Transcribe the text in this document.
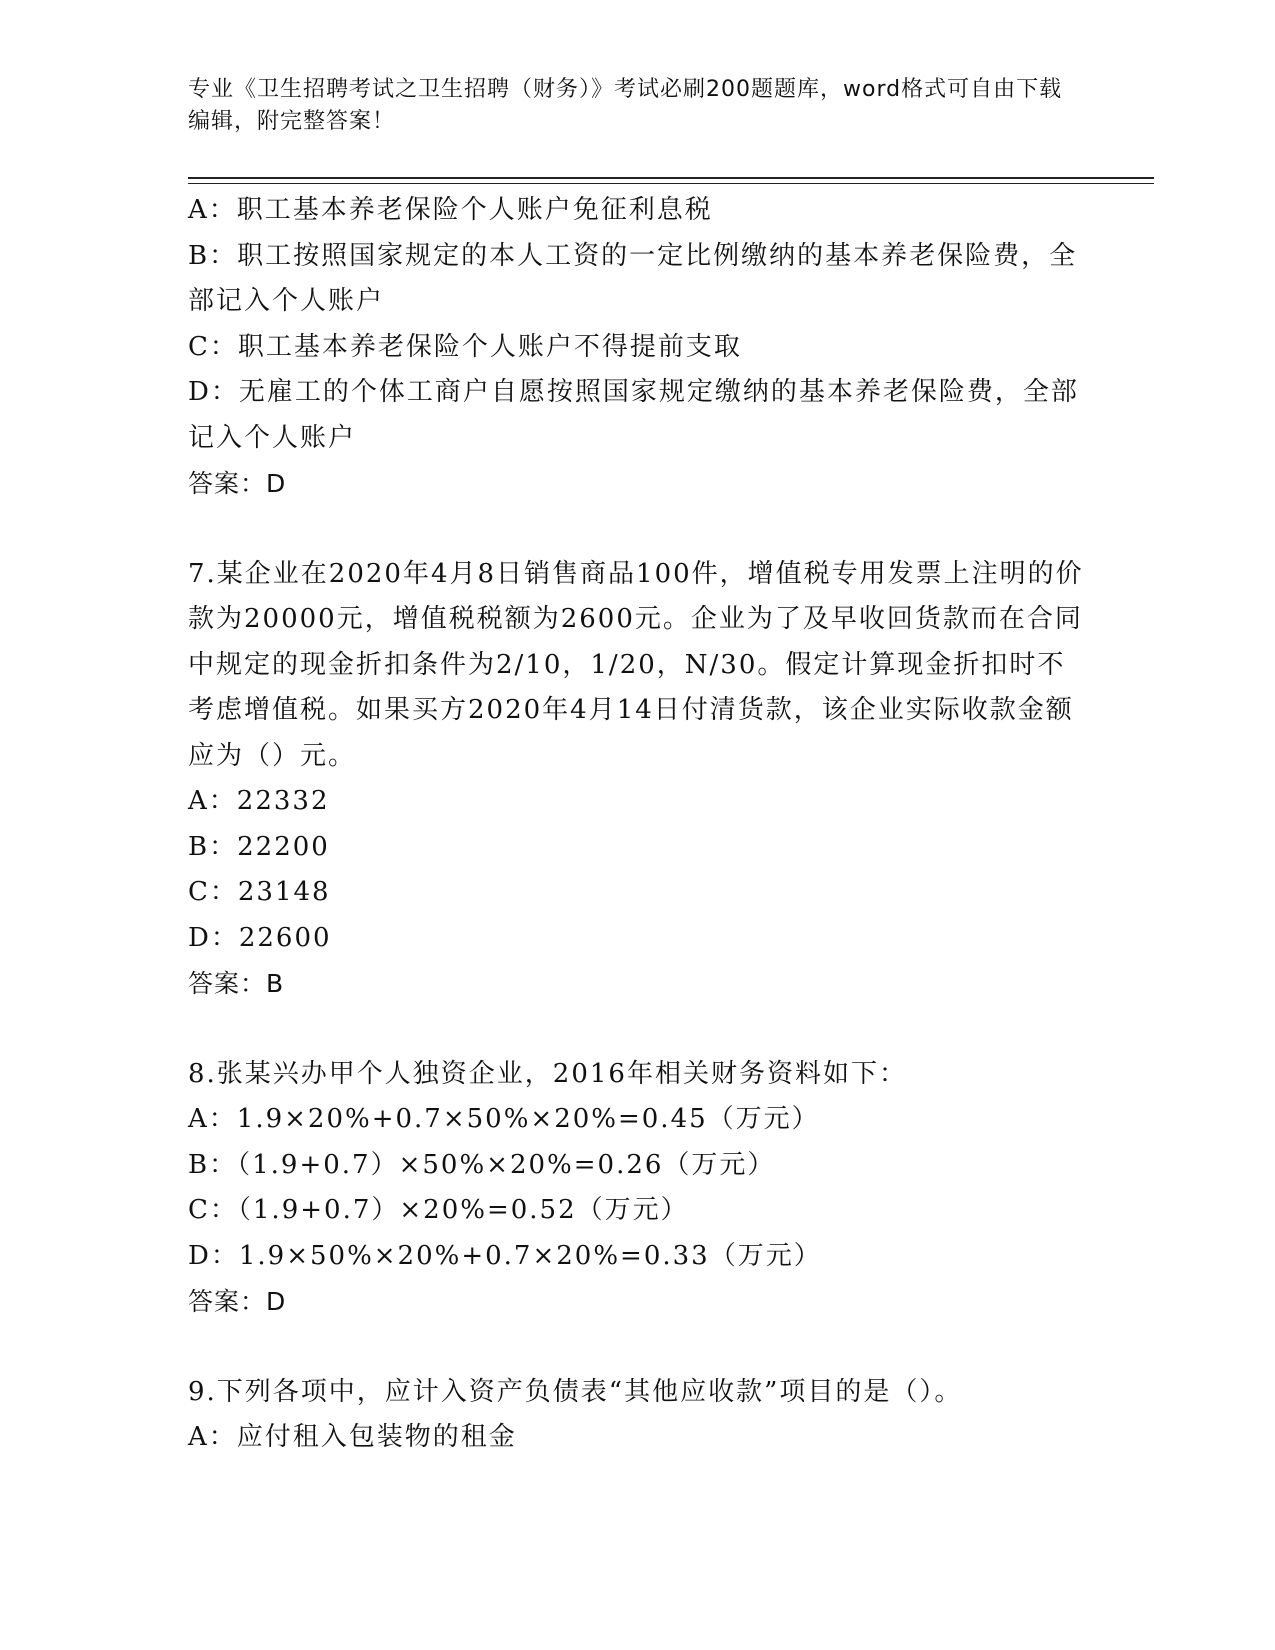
专业《卫生招聘考试之卫生招聘（财务）》考试必刷200题题库，word格式可自由下载编辑，附完整答案！
A：职工基本养老保险个人账户免征利息税
B：职工按照国家规定的本人工资的一定比例缴纳的基本养老保险费，全部记入个人账户
C：职工基本养老保险个人账户不得提前支取
D：无雇工的个体工商户自愿按照国家规定缴纳的基本养老保险费，全部记入个人账户
答案：D
7.某企业在2020年4月8日销售商品100件，增值税专用发票上注明的价款为20000元，增值税税额为2600元。企业为了及早收回货款而在合同中规定的现金折扣条件为2/10，1/20，N/30。假定计算现金折扣时不考虑增值税。如果买方2020年4月14日付清货款，该企业实际收款金额应为（）元。
A：22332
B：22200
C：23148
D：22600
答案：B
8.张某兴办甲个人独资企业，2016年相关财务资料如下：
A：1.9×20%+0.7×50%×20%=0.45（万元）
B：（1.9+0.7）×50%×20%=0.26（万元）
C：（1.9+0.7）×20%=0.52（万元）
D：1.9×50%×20%+0.7×20%=0.33（万元）
答案：D
9.下列各项中，应计入资产负债表“其他应收款”项目的是（）。
A：应付租入包装物的租金
